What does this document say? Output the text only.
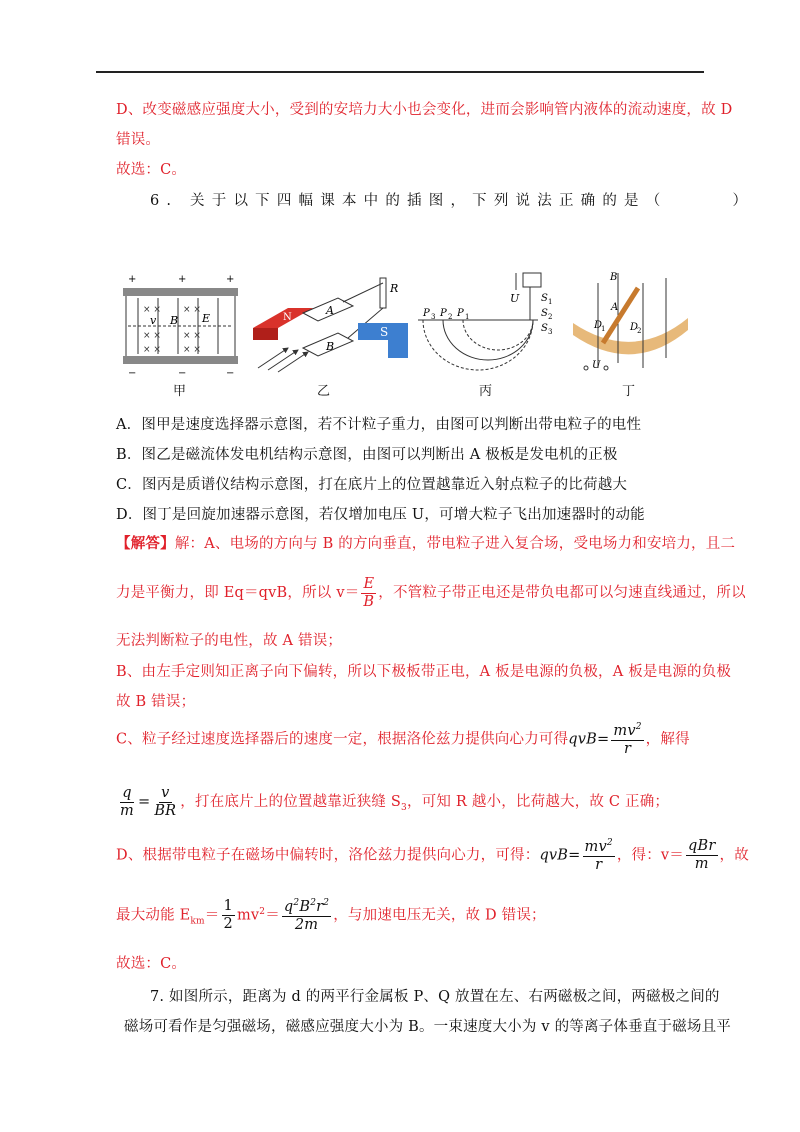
D、改变磁感应强度大小，受到的安培力大小也会变化，进而会影响管内液体的流动速度，故 D
错误。
故选：C。
6. 关于以下四幅课本中的插图，下列说法正确的是（　　　）
+	+	+
−	−	−
× × × ×
× × × ×
× × × ×
v B E	N
A
B
R
S
P 3 P 2 P 1
U S 1
S 2
S 3
B
A
D
1 D
2
U
甲	乙	丙	丁
A．图甲是速度选择器示意图，若不计粒子重力，由图可以判断出带电粒子的电性
B．图乙是磁流体发电机结构示意图，由图可以判断出 A 极板是发电机的正极
C．图丙是质谱仪结构示意图，打在底片上的位置越靠近入射点粒子的比荷越大
D．图丁是回旋加速器示意图，若仅增加电压 U，可增大粒子飞出加速器时的动能
【解答】解：A、电场的方向与 B 的方向垂直，带电粒子进入复合场，受电场力和安培力，且二
力是平衡力，即 Eq＝qvB，所以 $v= \frac{E}{B}$ ，不管粒子带正电还是带负电都可以匀速直线通过，所以
无法判断粒子的电性，故 A 错误；
B、由左手定则知正离子向下偏转，所以下极板带正电，A 板是电源的负极，A 板是电源的负极
故 B 错误；
C、粒子经过速度选择器后的速度一定，根据洛伦兹力提供向心力可得$qvB= \frac{mv^2}{r}$ ，解得
$\frac{q}{m} = \frac{v}{BR}$ ，打在底片上的位置越靠近狭缝 $S_3$，可知 R 越小，比荷越大，故 C 正确；
D、根据带电粒子在磁场中偏转时，洛伦兹力提供向心力，可得：$qvB= \frac{mv^2}{r}$ ，得：$v= \frac{\text{qBr}}{m}$ ，故
最大动能 $E_{km}= \frac{1}{2} mv^2= \frac{q^2B^2r^2}{2m}$ ，与加速电压无关，故 D 错误；
故选：C。
7. 如图所示，距离为 d 的两平行金属板 P、Q 放置在左、右两磁极之间，两磁极之间的
磁场可看作是匀强磁场，磁感应强度大小为 B。一束速度大小为 v 的等离子体垂直于磁场且平
